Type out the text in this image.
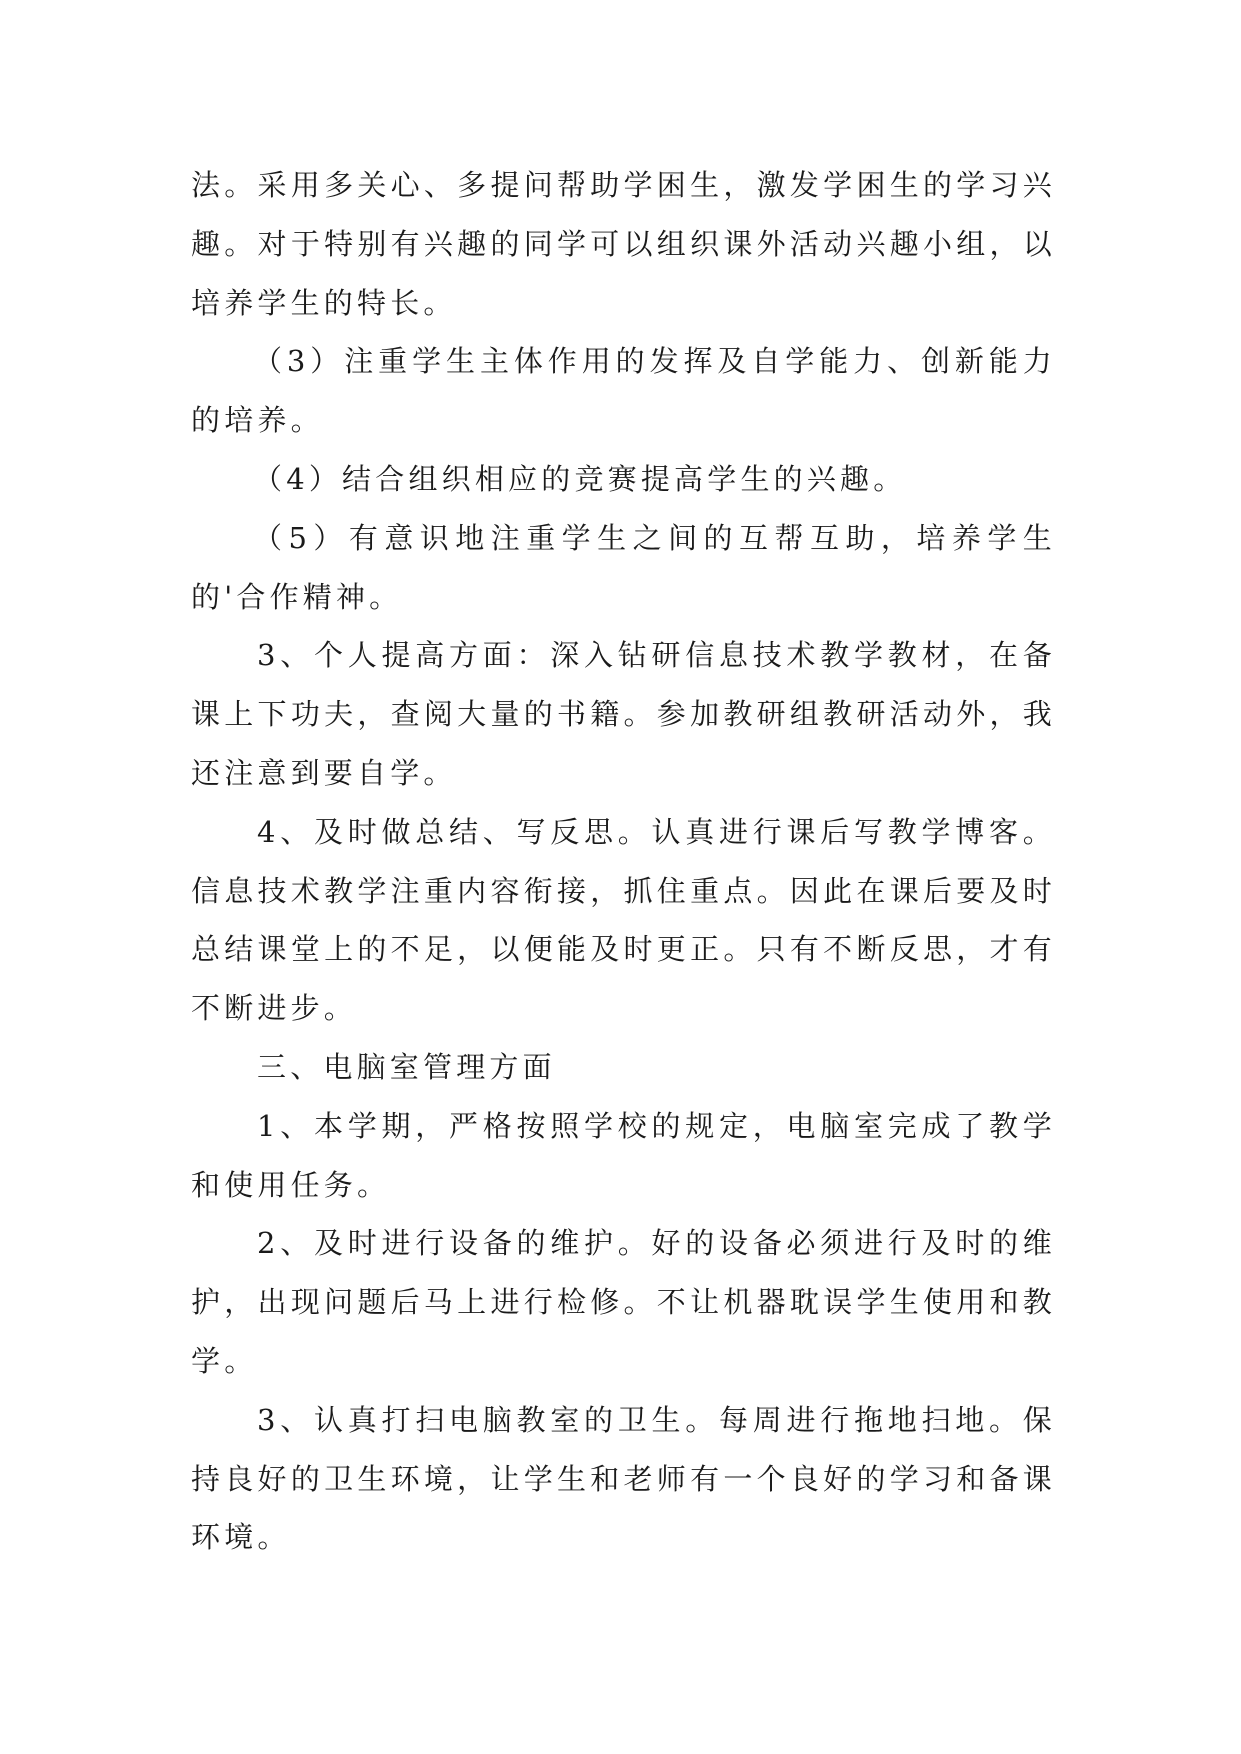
法。采用多关心、多提问帮助学困生，激发学困生的学习兴趣。对于特别有兴趣的同学可以组织课外活动兴趣小组，以培养学生的特长。

（3）注重学生主体作用的发挥及自学能力、创新能力的培养。

（4）结合组织相应的竞赛提高学生的兴趣。

（5）有意识地注重学生之间的互帮互助，培养学生的'合作精神。

3、个人提高方面：深入钻研信息技术教学教材，在备课上下功夫，查阅大量的书籍。参加教研组教研活动外，我还注意到要自学。

4、及时做总结、写反思。认真进行课后写教学博客。信息技术教学注重内容衔接，抓住重点。因此在课后要及时总结课堂上的不足，以便能及时更正。只有不断反思，才有不断进步。

三、电脑室管理方面

1、本学期，严格按照学校的规定，电脑室完成了教学和使用任务。

2、及时进行设备的维护。好的设备必须进行及时的维护，出现问题后马上进行检修。不让机器耽误学生使用和教学。

3、认真打扫电脑教室的卫生。每周进行拖地扫地。保持良好的卫生环境，让学生和老师有一个良好的学习和备课环境。
